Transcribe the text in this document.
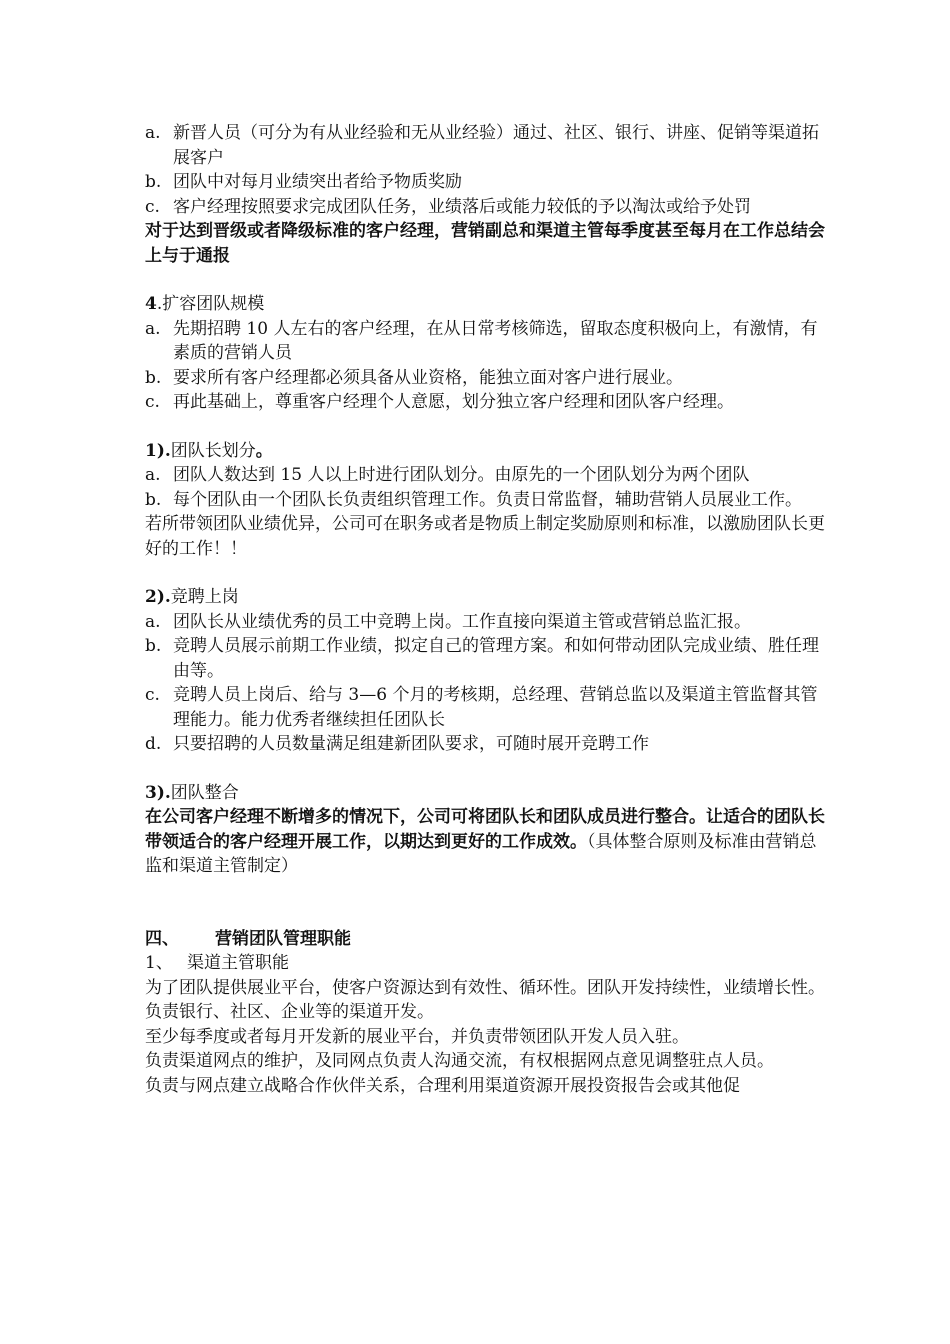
a. 新晋人员（可分为有从业经验和无从业经验）通过、社区、银行、讲座、促销等渠道拓展客户
b. 团队中对每月业绩突出者给予物质奖励
c. 客户经理按照要求完成团队任务，业绩落后或能力较低的予以淘汰或给予处罚

对于达到晋级或者降级标准的客户经理，营销副总和渠道主管每季度甚至每月在工作总结会上与于通报

4.扩容团队规模

a. 先期招聘 10 人左右的客户经理，在从日常考核筛选，留取态度积极向上，有激情，有素质的营销人员
b. 要求所有客户经理都必须具备从业资格，能独立面对客户进行展业。
c. 再此基础上，尊重客户经理个人意愿，划分独立客户经理和团队客户经理。

1).团队长划分。

a. 团队人数达到 15 人以上时进行团队划分。由原先的一个团队划分为两个团队
b. 每个团队由一个团队长负责组织管理工作。负责日常监督，辅助营销人员展业工作。

若所带领团队业绩优异，公司可在职务或者是物质上制定奖励原则和标准，以激励团队长更好的工作！！

2).竞聘上岗

a. 团队长从业绩优秀的员工中竞聘上岗。工作直接向渠道主管或营销总监汇报。
b. 竞聘人员展示前期工作业绩，拟定自己的管理方案。和如何带动团队完成业绩、胜任理由等。
c. 竞聘人员上岗后、给与 3—6 个月的考核期，总经理、营销总监以及渠道主管监督其管理能力。能力优秀者继续担任团队长
d. 只要招聘的人员数量满足组建新团队要求，可随时展开竞聘工作

3).团队整合

在公司客户经理不断增多的情况下，公司可将团队长和团队成员进行整合。让适合的团队长带领适合的客户经理开展工作，以期达到更好的工作成效。（具体整合原则及标准由营销总监和渠道主管制定）

四、	营销团队管理职能
1、 渠道主管职能

为了团队提供展业平台，使客户资源达到有效性、循环性。团队开发持续性，业绩增长性。

负责银行、社区、企业等的渠道开发。

至少每季度或者每月开发新的展业平台，并负责带领团队开发人员入驻。

负责渠道网点的维护，及同网点负责人沟通交流，有权根据网点意见调整驻点人员。

负责与网点建立战略合作伙伴关系，合理利用渠道资源开展投资报告会或其他促
